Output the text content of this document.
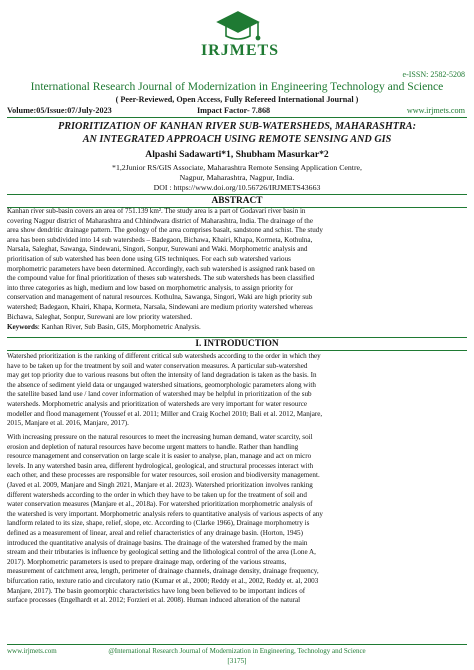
IRJMETS
e-ISSN: 2582-5208
International Research Journal of Modernization in Engineering Technology and Science
( Peer-Reviewed, Open Access, Fully Refereed International Journal )
Volume:05/Issue:07/July-2023	Impact Factor- 7.868	www.irjmets.com
PRIORITIZATION OF KANHAN RIVER SUB-WATERSHEDS, MAHARASHTRA:
AN INTEGRATED APPROACH USING REMOTE SENSING AND GIS
Alpashi Sadawarti*1, Shubham Masurkar*2
*1,2Junior RS/GIS Associate, Maharashtra Remote Sensing Application Centre,
Nagpur, Maharashtra, Nagpur, India.
DOI : https://www.doi.org/10.56726/IRJMETS43663
ABSTRACT
Kanhan river sub-basin covers an area of 751.139 km². The study area is a part of Godavari river basin in
covering Nagpur district of Maharashtra and Chhindwara district of Maharashtra, India. The drainage of the
area show dendritic drainage pattern. The geology of the area comprises basalt, sandstone and schist. The study
area has been subdivided into 14 sub watersheds – Badegaon, Bichawa, Khairi, Khapa, Kormeta, Kothulna,
Narsala, Saleghat, Sawanga, Sindewani, Singori, Sonpur, Surewani and Waki. Morphometric analysis and
prioritisation of sub watershed has been done using GIS techniques. For each sub watershed various
morphometric parameters have been determined. Accordingly, each sub watershed is assigned rank based on
the compound value for final prioritization of theses sub watersheds. The sub watersheds has been classified
into three categories as high, medium and low based on morphometric analysis, to assign priority for
conservation and management of natural resources. Kothulna, Sawanga, Singori, Waki are high priority sub
watershed; Badegaon, Khairi, Khapa, Kormeta, Narsala, Sindewani are medium priority watershed whereas
Bichawa, Saleghat, Sonpur, Surewani are low priority watershed.
Keywords: Kanhan River, Sub Basin, GIS, Morphometric Analysis.
I. INTRODUCTION
Watershed prioritization is the ranking of different critical sub watersheds according to the order in which they
have to be taken up for the treatment by soil and water conservation measures. A particular sub-watershed
may get top priority due to various reasons but often the intensity of land degradation is taken as the basis. In
the absence of sediment yield data or ungauged watershed situations, geomorphologic parameters along with
the satellite based land use / land cover information of watershed may be helpful in prioritization of the sub
watersheds. Morphometric analysis and prioritization of watersheds are very important for water resource
modeller and flood management (Youssef et al. 2011; Miller and Craig Kochel 2010; Bali et al. 2012, Manjare,
2015, Manjare et al. 2016, Manjare, 2017).
With increasing pressure on the natural resources to meet the increasing human demand, water scarcity, soil
erosion and depletion of natural resources have become urgent matters to handle. Rather than handling
resource management and conservation on large scale it is easier to analyse, plan, manage and act on micro
levels. In any watershed basin area, different hydrological, geological, and structural processes interact with
each other, and these processes are responsible for water resources, soil erosion and biodiversity management.
(Javed et al. 2009, Manjare and Singh 2021, Manjare et al. 2023). Watershed prioritization involves ranking
different watersheds according to the order in which they have to be taken up for the treatment of soil and
water conservation measures (Manjare et al., 2018a). For watershed prioritization morphometric analysis of
the watershed is very important. Morphometric analysis refers to quantitative analysis of various aspects of any
landform related to its size, shape, relief, slope, etc. According to (Clarke 1966), Drainage morphometry is
defined as a measurement of linear, areal and relief characteristics of any drainage basin. (Horton, 1945)
introduced the quantitative analysis of drainage basins. The drainage of the watershed framed by the main
stream and their tributaries is influence by geological setting and the lithological control of the area (Lone A,
2017). Morphometric parameters is used to prepare drainage map, ordering of the various streams,
measurement of catchment area, length, perimeter of drainage channels, drainage density, drainage frequency,
bifurcation ratio, texture ratio and circulatory ratio (Kumar et al., 2000; Reddy et al., 2002, Reddy et. al, 2003
Manjare, 2017). The basin geomorphic characteristics have long been believed to be important indices of
surface processes (Engelhardt et al. 2012; Forzieri et al. 2008). Human induced alteration of the natural
www.irjmets.com	@International Research Journal of Modernization in Engineering, Technology and Science
[3175]
